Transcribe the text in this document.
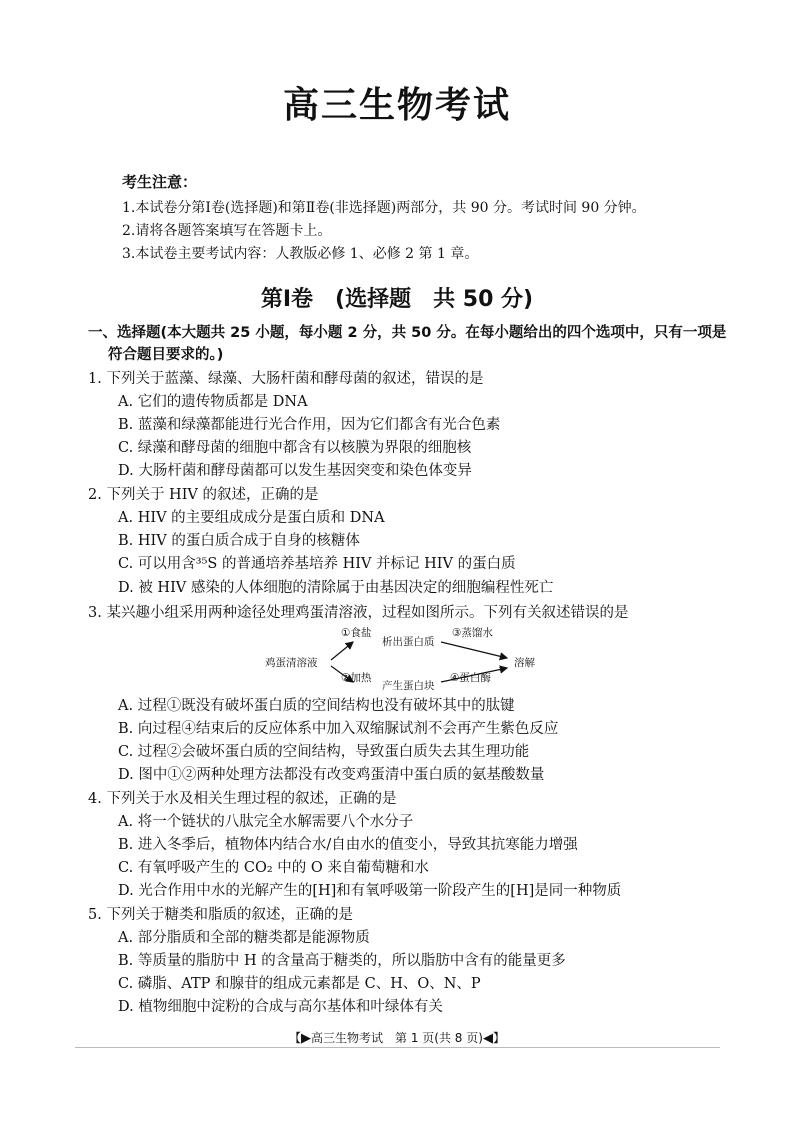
高三生物考试
考生注意：
1.本试卷分第Ⅰ卷(选择题)和第Ⅱ卷(非选择题)两部分，共 90 分。考试时间 90 分钟。
2.请将各题答案填写在答题卡上。
3.本试卷主要考试内容：人教版必修 1、必修 2 第 1 章。
第Ⅰ卷　(选择题　共 50 分)
一、选择题(本大题共 25 小题，每小题 2 分，共 50 分。在每小题给出的四个选项中，只有一项是
符合题目要求的。)
1. 下列关于蓝藻、绿藻、大肠杆菌和酵母菌的叙述，错误的是
A. 它们的遗传物质都是 DNA
B. 蓝藻和绿藻都能进行光合作用，因为它们都含有光合色素
C. 绿藻和酵母菌的细胞中都含有以核膜为界限的细胞核
D. 大肠杆菌和酵母菌都可以发生基因突变和染色体变异
2. 下列关于 HIV 的叙述，正确的是
A. HIV 的主要组成成分是蛋白质和 DNA
B. HIV 的蛋白质合成于自身的核糖体
C. 可以用含³⁵S 的普通培养基培养 HIV 并标记 HIV 的蛋白质
D. 被 HIV 感染的人体细胞的清除属于由基因决定的细胞编程性死亡
3. 某兴趣小组采用两种途径处理鸡蛋清溶液，过程如图所示。下列有关叙述错误的是
鸡蛋清溶液
①食盐
析出蛋白质
③蒸馏水
②加热
产生蛋白块
④蛋白酶
溶解
A. 过程①既没有破坏蛋白质的空间结构也没有破坏其中的肽键
B. 向过程④结束后的反应体系中加入双缩脲试剂不会再产生紫色反应
C. 过程②会破坏蛋白质的空间结构，导致蛋白质失去其生理功能
D. 图中①②两种处理方法都没有改变鸡蛋清中蛋白质的氨基酸数量
4. 下列关于水及相关生理过程的叙述，正确的是
A. 将一个链状的八肽完全水解需要八个水分子
B. 进入冬季后，植物体内结合水/自由水的值变小，导致其抗寒能力增强
C. 有氧呼吸产生的 CO₂ 中的 O 来自葡萄糖和水
D. 光合作用中水的光解产生的[H]和有氧呼吸第一阶段产生的[H]是同一种物质
5. 下列关于糖类和脂质的叙述，正确的是
A. 部分脂质和全部的糖类都是能源物质
B. 等质量的脂肪中 H 的含量高于糖类的，所以脂肪中含有的能量更多
C. 磷脂、ATP 和腺苷的组成元素都是 C、H、O、N、P
D. 植物细胞中淀粉的合成与高尔基体和叶绿体有关
【▶高三生物考试　第 1 页(共 8 页)◀】
